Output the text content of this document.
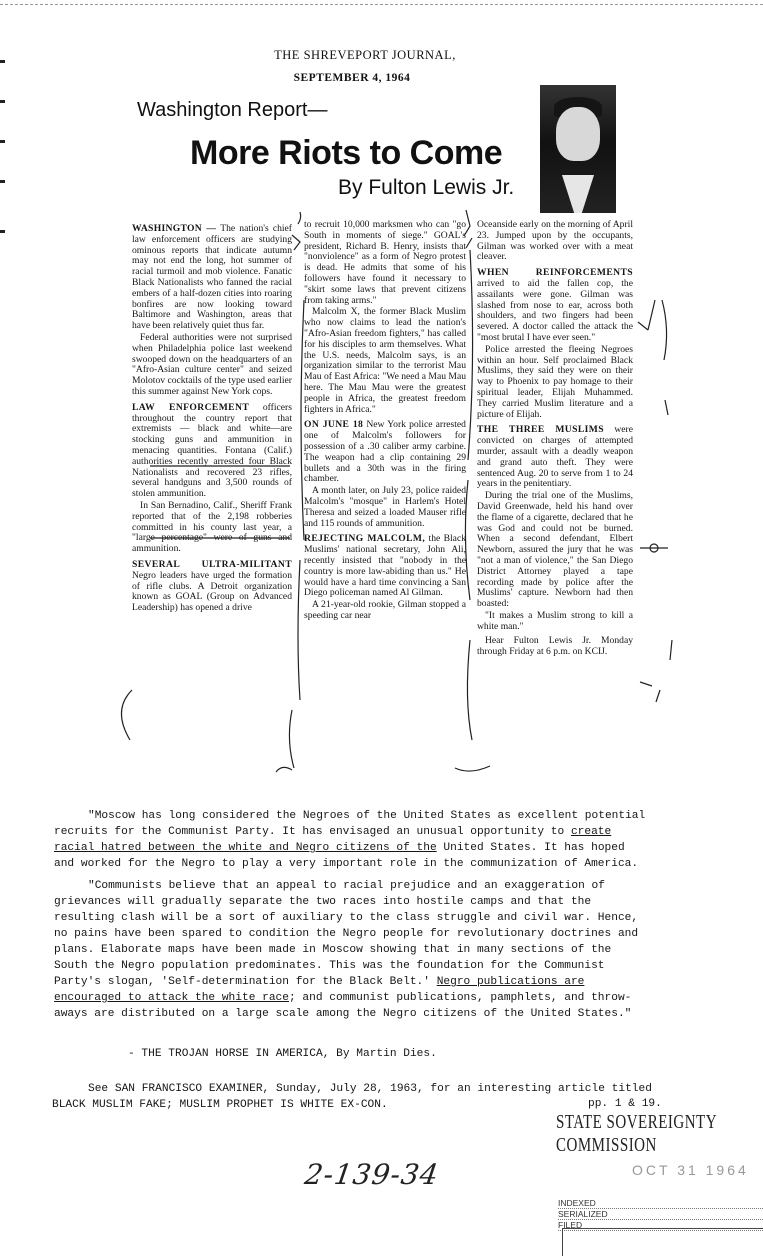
THE SHREVEPORT JOURNAL,
SEPTEMBER 4, 1964
Washington Report—
More Riots to Come
By Fulton Lewis Jr.

WASHINGTON — The nation's chief law enforcement officers are studying ominous reports that indicate autumn may not end the long, hot summer of racial turmoil and mob violence. Fanatic Black Nationalists who fanned the racial embers of a half-dozen cities into roaring bonfires are now looking toward Baltimore and Washington, areas that have been relatively quiet thus far.

Federal authorities were not surprised when Philadelphia police last weekend swooped down on the headquarters of an "Afro-Asian culture center" and seized Molotov cocktails of the type used earlier this summer against New York cops.

LAW ENFORCEMENT officers throughout the country report that extremists — black and white—are stocking guns and ammunition in menacing quantities. Fontana (Calif.) authorities recently arrested four Black Nationalists and recovered 23 rifles, several handguns and 3,500 rounds of stolen ammunition.

In San Bernadino, Calif., Sheriff Frank reported that of the 2,198 robberies committed in his county last year, a "large percentage" were of guns and ammunition.

SEVERAL ULTRA-MILITANT Negro leaders have urged the formation of rifle clubs. A Detroit organization known as GOAL (Group on Advanced Leadership) has opened a drive

to recruit 10,000 marksmen who can "go South in moments of siege." GOAL's president, Richard B. Henry, insists that "nonviolence" as a form of Negro protest is dead. He admits that some of his followers have found it necessary to "skirt some laws that prevent citizens from taking arms."

Malcolm X, the former Black Muslim who now claims to lead the nation's "Afro-Asian freedom fighters," has called for his disciples to arm themselves. What the U.S. needs, Malcolm says, is an organization similar to the terrorist Mau Mau of East Africa: "We need a Mau Mau here. The Mau Mau were the greatest people in Africa, the greatest freedom fighters in Africa."

ON JUNE 18 New York police arrested one of Malcolm's followers for possession of a .30 caliber army carbine. The weapon had a clip containing 29 bullets and a 30th was in the firing chamber.

A month later, on July 23, police raided Malcolm's "mosque" in Harlem's Hotel Theresa and seized a loaded Mauser rifle and 115 rounds of ammunition.

REJECTING MALCOLM, the Black Muslims' national secretary, John Ali, recently insisted that "nobody in the country is more law-abiding than us." He would have a hard time convincing a San Diego policeman named Al Gilman.

A 21-year-old rookie, Gilman stopped a speeding car near

Oceanside early on the morning of April 23. Jumped upon by the occupants, Gilman was worked over with a meat cleaver.

WHEN REINFORCEMENTS arrived to aid the fallen cop, the assailants were gone. Gilman was slashed from nose to ear, across both shoulders, and two fingers had been severed. A doctor called the attack the "most brutal I have ever seen."

Police arrested the fleeing Negroes within an hour. Self proclaimed Black Muslims, they said they were on their way to Phoenix to pay homage to their spiritual leader, Elijah Muhammed. They carried Muslim literature and a picture of Elijah.

THE THREE MUSLIMS were convicted on charges of attempted murder, assault with a deadly weapon and grand auto theft. They were sentenced Aug. 20 to serve from 1 to 24 years in the penitentiary.

During the trial one of the Muslims, David Greenwade, held his hand over the flame of a cigarette, declared that he was God and could not be burned. When a second defendant, Elbert Newborn, assured the jury that he was "not a man of violence," the San Diego District Attorney played a tape recording made by police after the Muslims' capture. Newborn had then boasted:

"It makes a Muslim strong to kill a white man."

Hear Fulton Lewis Jr. Monday through Friday at 6 p.m. on KCIJ.

"Moscow has long considered the Negroes of the United States as excellent potential recruits for the Communist Party. It has envisaged an unusual opportunity to create racial hatred between the white and Negro citizens of the United States. It has hoped and worked for the Negro to play a very important role in the communization of America.

"Communists believe that an appeal to racial prejudice and an exaggeration of grievances will gradually separate the two races into hostile camps and that the resulting clash will be a sort of auxiliary to the class struggle and civil war. Hence, no pains have been spared to condition the Negro people for revolutionary doctrines and plans. Elaborate maps have been made in Moscow showing that in many sections of the South the Negro population predominates. This was the foundation for the Communist Party's slogan, 'Self-determination for the Black Belt.' Negro publications are encouraged to attack the white race; and communist publications, pamphlets, and throw-aways are distributed on a large scale among the Negro citizens of the United States."

- THE TROJAN HORSE IN AMERICA, By Martin Dies.
See SAN FRANCISCO EXAMINER, Sunday, July 28, 1963, for an interesting article titled BLACK MUSLIM FAKE; MUSLIM PROPHET IS WHITE EX-CON.	pp. 1 & 19.
STATE SOVEREIGNTY COMMISSION
OCT 31 1964
INDEXED
SERIALIZED
FILED
2-139-34
